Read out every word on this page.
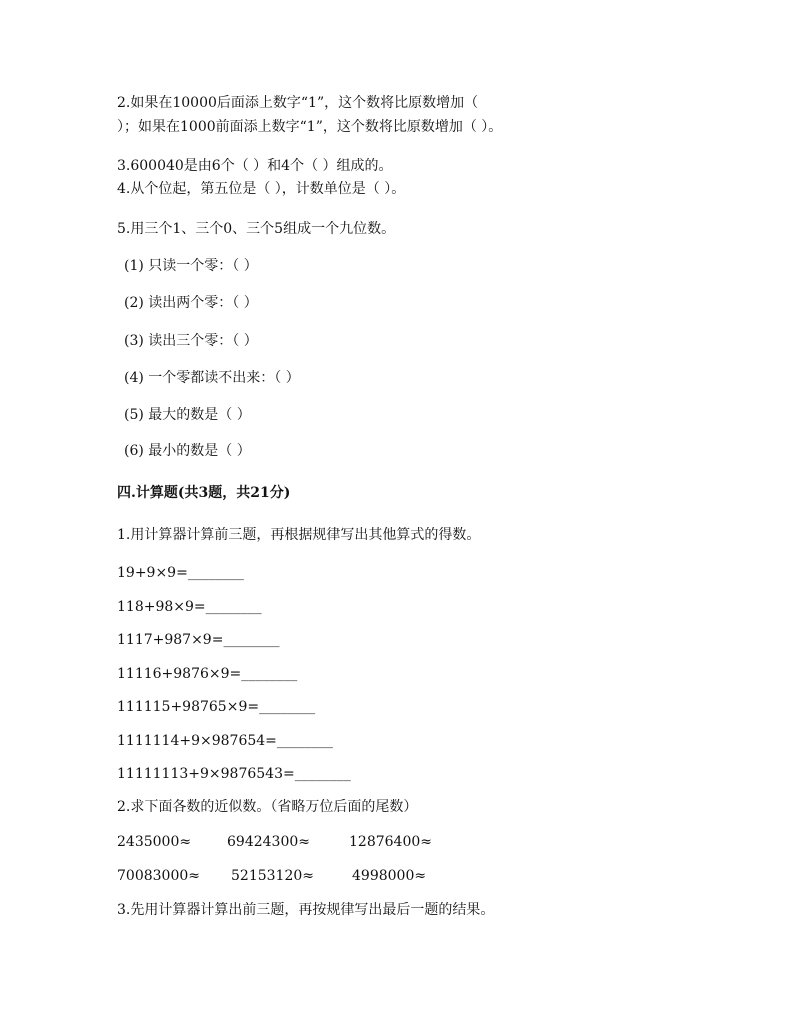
2.如果在10000后面添上数字“1”，这个数将比原数增加（
）；如果在1000前面添上数字“1”，这个数将比原数增加（ ）。
3.600040是由6个（ ）和4个（ ）组成的。
4.从个位起，第五位是（ ），计数单位是（ ）。
5.用三个1、三个0、三个5组成一个九位数。
(1) 只读一个零：（ ）
(2) 读出两个零：（ ）
(3) 读出三个零：（ ）
(4) 一个零都读不出来：（ ）
(5) 最大的数是（ ）
(6) 最小的数是（ ）
四.计算题(共3题，共21分)
1.用计算器计算前三题，再根据规律写出其他算式的得数。
19+9×9=________
118+98×9=________
1117+987×9=________
11116+9876×9=________
111115+98765×9=________
1111114+9×987654=________
11111113+9×9876543=________
2.求下面各数的近似数。（省略万位后面的尾数）
2435000≈	69424300≈	12876400≈
70083000≈ 52153120≈	4998000≈
3.先用计算器计算出前三题，再按规律写出最后一题的结果。
